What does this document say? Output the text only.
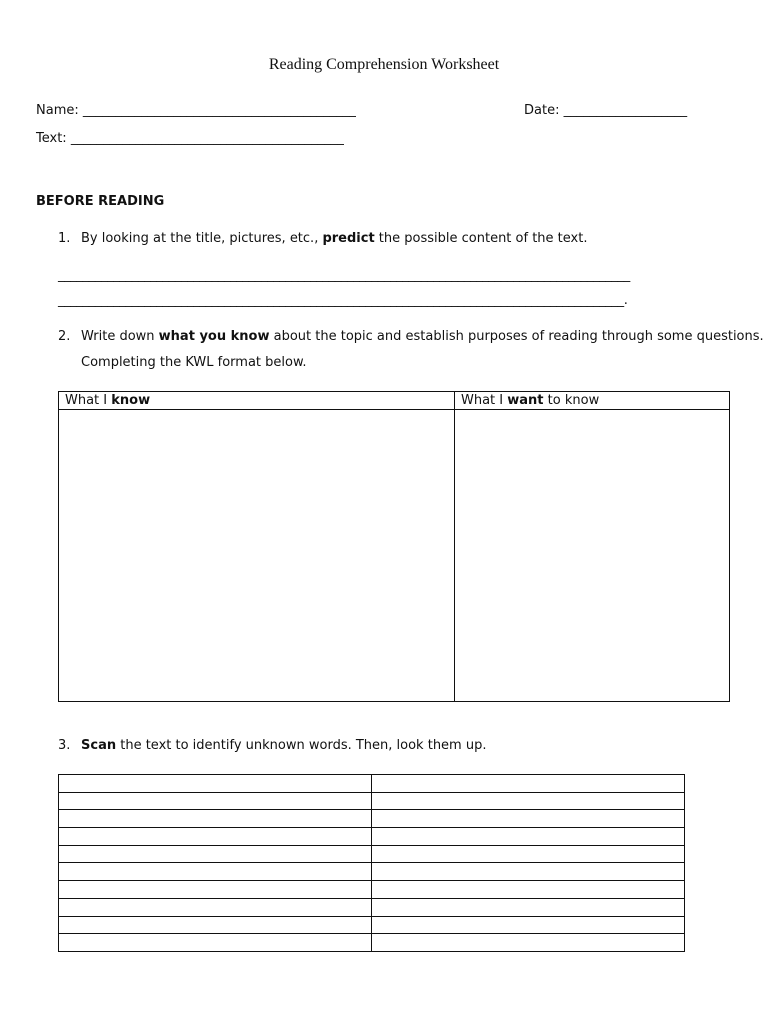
Reading Comprehension Worksheet
Name: __________________________________________	Date: ___________________
Text: __________________________________________
BEFORE READING
1. By looking at the title, pictures, etc., predict the possible content of the text.
_____________________________________________________________________________________________
____________________________________________________________________________________________.
2. Write down what you know about the topic and establish purposes of reading through some questions.
Completing the KWL format below.
What I know	What I want to know
3. Scan the text to identify unknown words. Then, look them up.
